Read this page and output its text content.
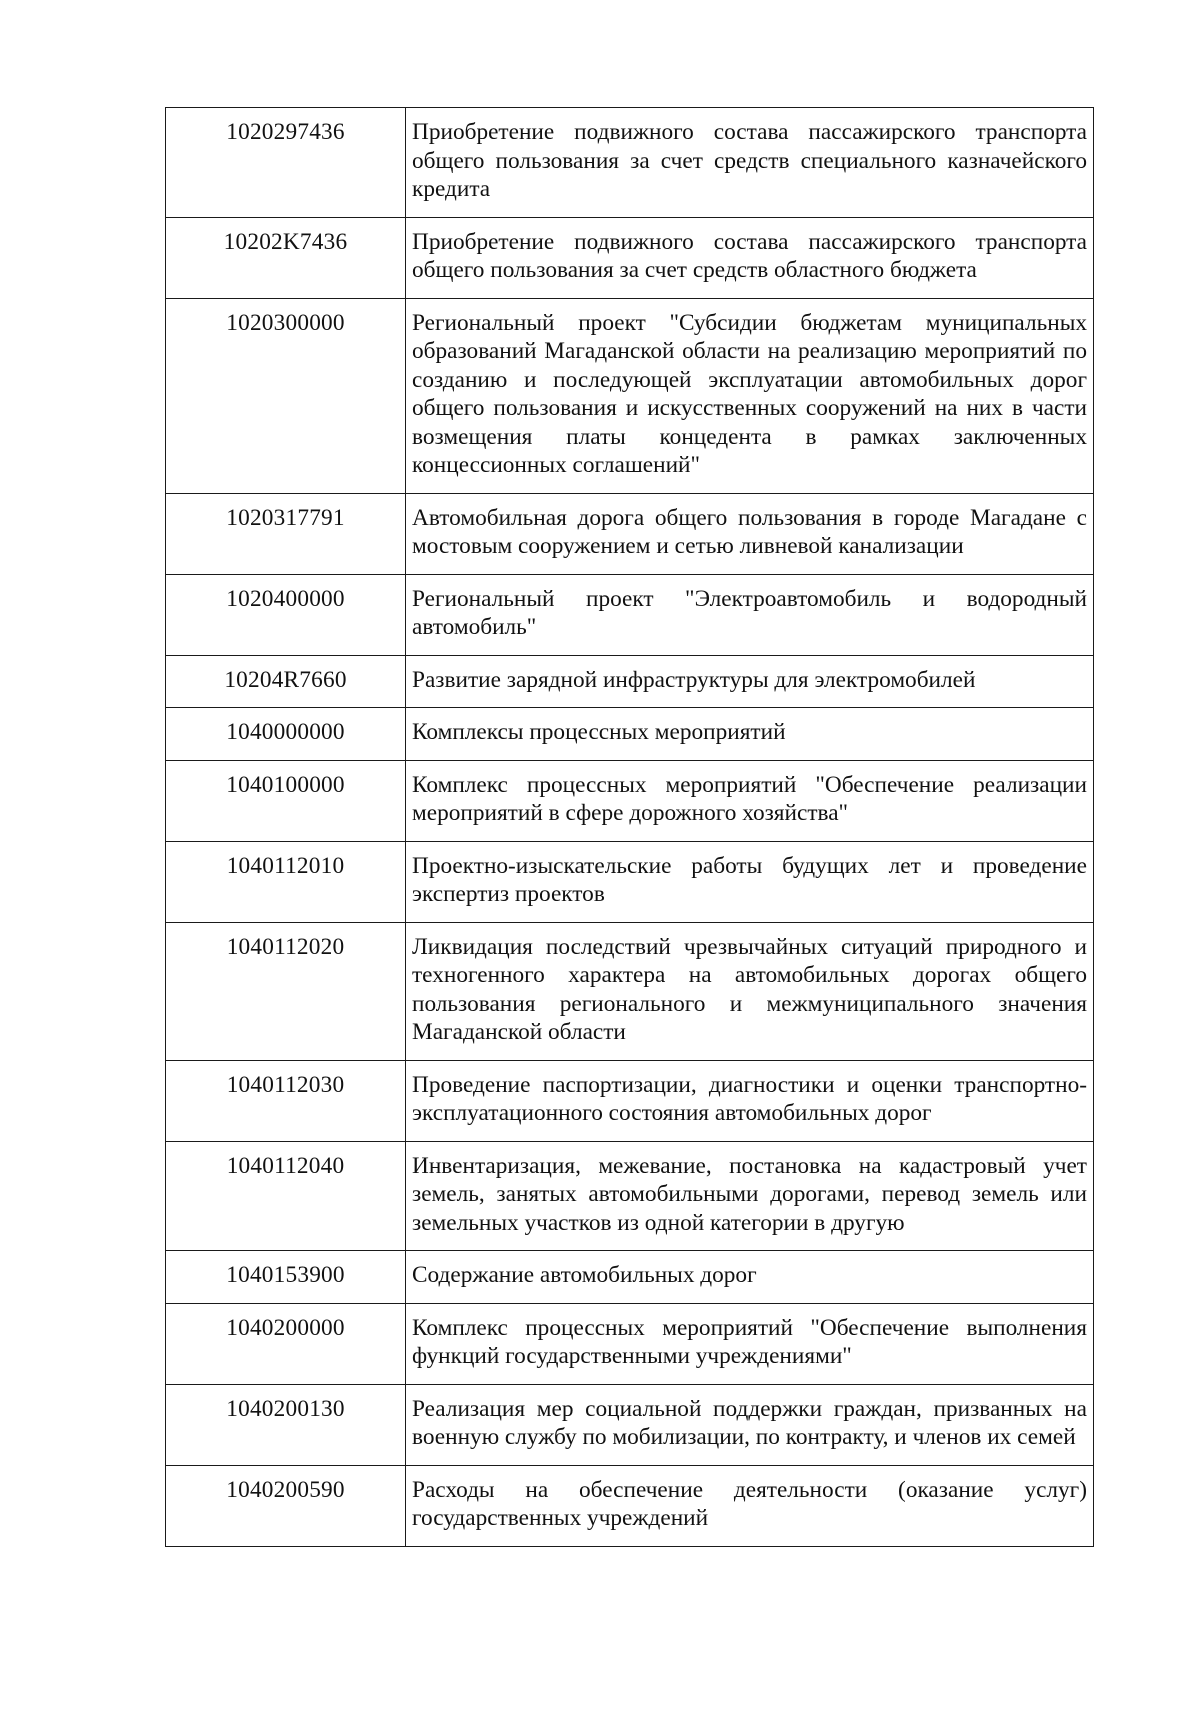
1020297436	Приобретение подвижного состава пассажирского транспорта общего пользования за счет средств специального казначейского кредита
10202K7436	Приобретение подвижного состава пассажирского транспорта общего пользования за счет средств областного бюджета
1020300000	Региональный проект "Субсидии бюджетам муниципальных образований Магаданской области на реализацию мероприятий по созданию и последующей эксплуатации автомобильных дорог общего пользования и искусственных сооружений на них в части возмещения платы концедента в рамках заключенных концессионных соглашений"
1020317791	Автомобильная дорога общего пользования в городе Магадане с мостовым сооружением и сетью ливневой канализации
1020400000	Региональный проект "Электроавтомобиль и водородный автомобиль"
10204R7660	Развитие зарядной инфраструктуры для электромобилей
1040000000	Комплексы процессных мероприятий
1040100000	Комплекс процессных мероприятий "Обеспечение реализации мероприятий в сфере дорожного хозяйства"
1040112010	Проектно-изыскательские работы будущих лет и проведение экспертиз проектов
1040112020	Ликвидация последствий чрезвычайных ситуаций природного и техногенного характера на автомобильных дорогах общего пользования регионального и межмуниципального значения Магаданской области
1040112030	Проведение паспортизации, диагностики и оценки транспортно-эксплуатационного состояния автомобильных дорог
1040112040	Инвентаризация, межевание, постановка на кадастровый учет земель, занятых автомобильными дорогами, перевод земель или земельных участков из одной категории в другую
1040153900	Содержание автомобильных дорог
1040200000	Комплекс процессных мероприятий "Обеспечение выполнения функций государственными учреждениями"
1040200130	Реализация мер социальной поддержки граждан, призванных на военную службу по мобилизации, по контракту, и членов их семей
1040200590	Расходы на обеспечение деятельности (оказание услуг) государственных учреждений
